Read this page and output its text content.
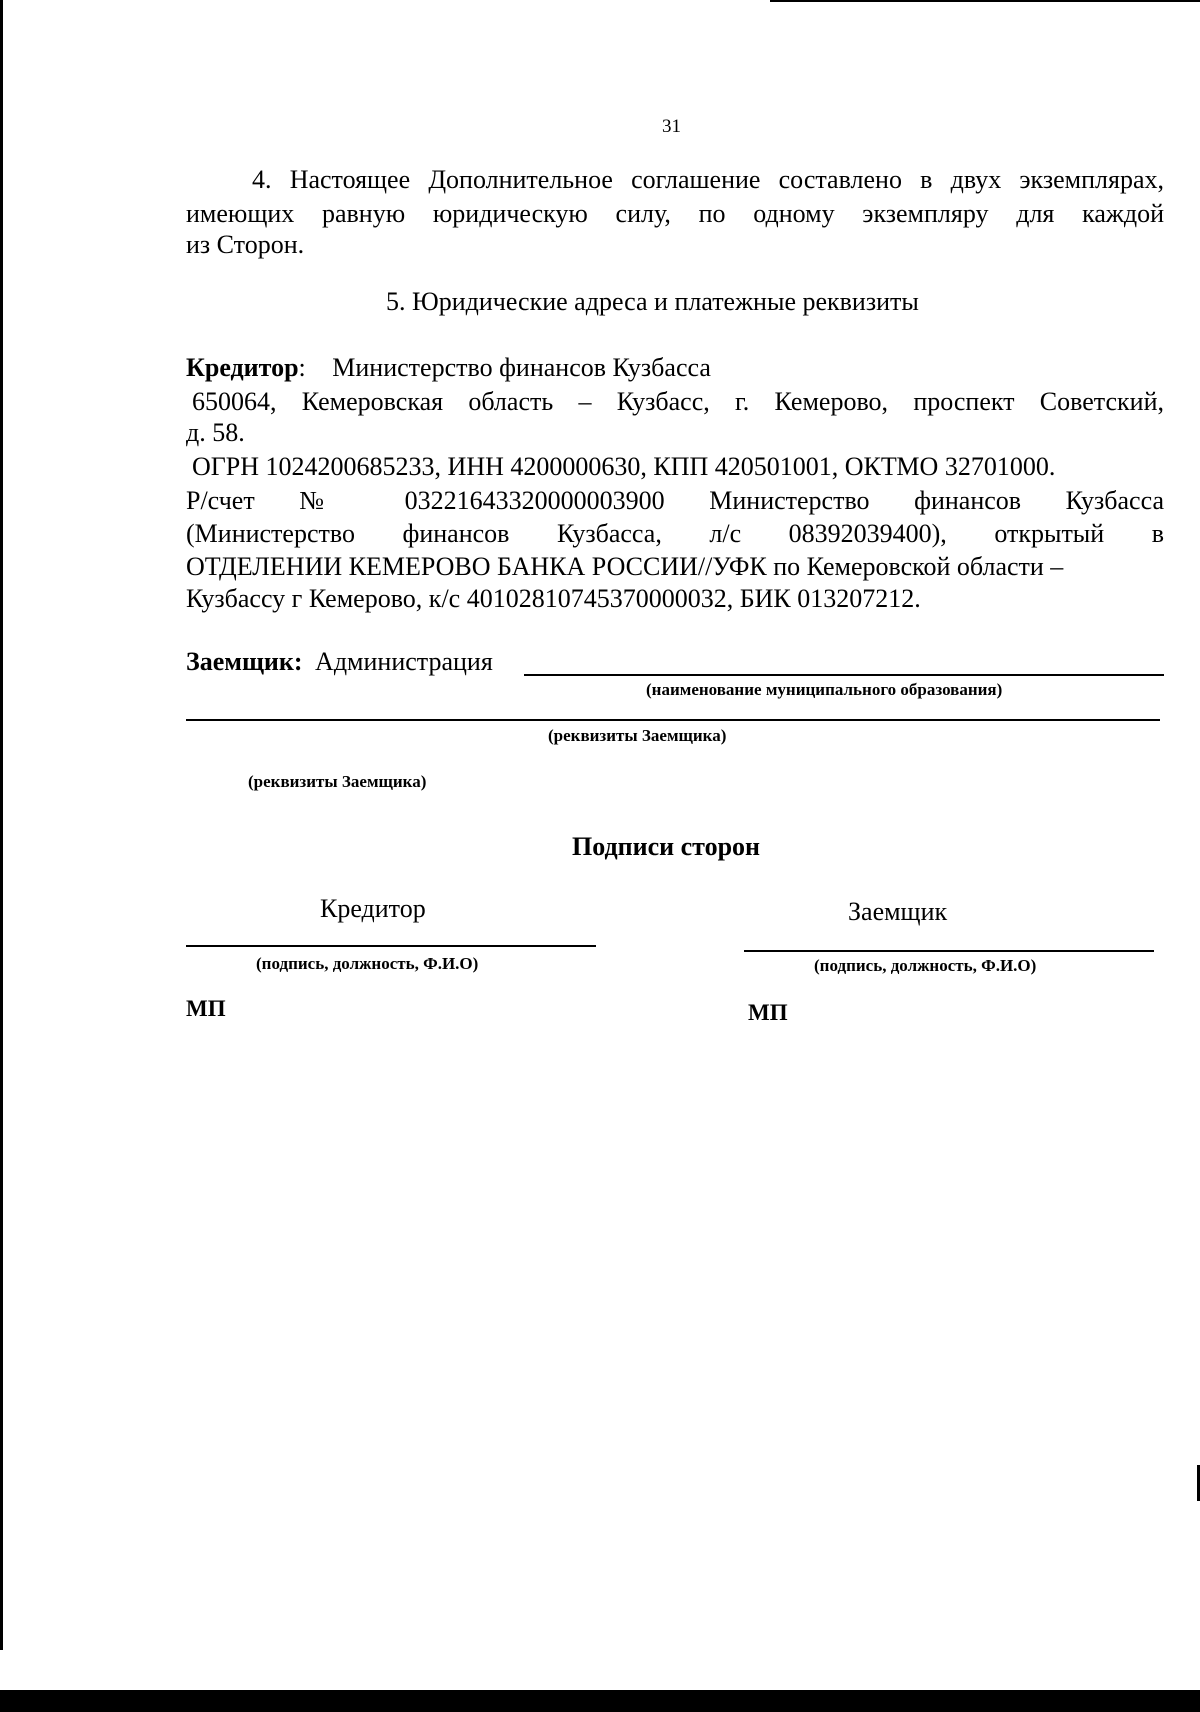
31
4. Настоящее Дополнительное соглашение составлено в двух экземплярах,
имеющих равную юридическую силу, по одному экземпляру для каждой
из Сторон.
5. Юридические адреса и платежные реквизиты
Кредитор: Министерство финансов Кузбасса
650064, Кемеровская область – Кузбасс, г. Кемерово, проспект Советский,
д. 58.
ОГРН 1024200685233, ИНН 4200000630, КПП 420501001, ОКТМО 32701000.
Р/счет № 03221643320000003900 Министерство финансов Кузбасса
(Министерство финансов Кузбасса, л/с 08392039400), открытый в
ОТДЕЛЕНИИ КЕМЕРОВО БАНКА РОССИИ//УФК по Кемеровской области –
Кузбассу г Кемерово, к/с 40102810745370000032, БИК 013207212.
Заемщик: Администрация
(наименование муниципального образования)
(реквизиты Заемщика)
(реквизиты Заемщика)
Подписи сторон
Кредитор	Заемщик
(подпись, должность, Ф.И.О)	(подпись, должность, Ф.И.О)
МП	МП
